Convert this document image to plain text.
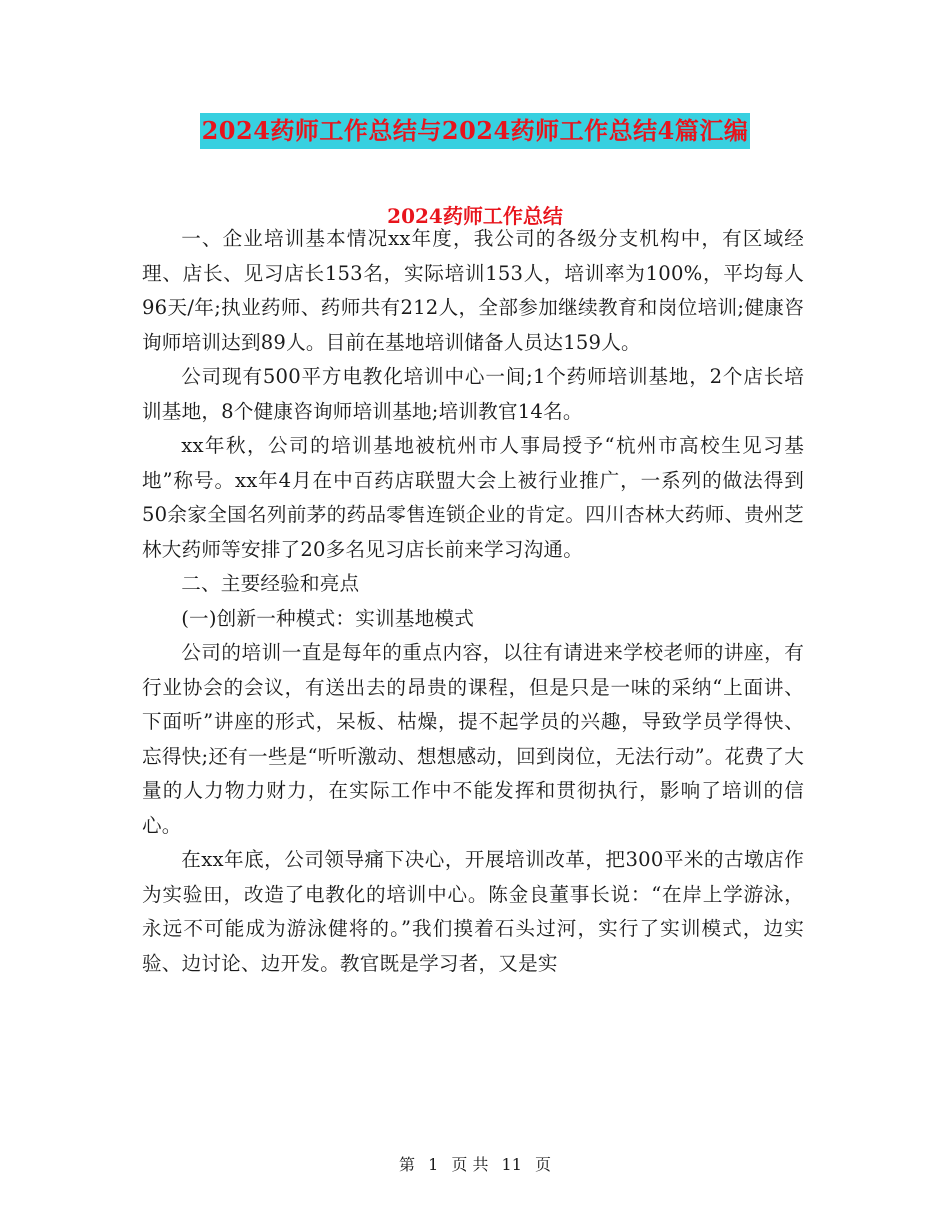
2024药师工作总结与2024药师工作总结4篇汇编
2024药师工作总结

一、企业培训基本情况xx年度，我公司的各级分支机构中，有区域经理、店长、见习店长153名，实际培训153人，培训率为100%，平均每人96天/年;执业药师、药师共有212人，全部参加继续教育和岗位培训;健康咨询师培训达到89人。目前在基地培训储备人员达159人。

公司现有500平方电教化培训中心一间;1个药师培训基地，2个店长培训基地，8个健康咨询师培训基地;培训教官14名。

xx年秋，公司的培训基地被杭州市人事局授予“杭州市高校生见习基地”称号。xx年4月在中百药店联盟大会上被行业推广，一系列的做法得到50余家全国名列前茅的药品零售连锁企业的肯定。四川杏林大药师、贵州芝林大药师等安排了20多名见习店长前来学习沟通。

二、主要经验和亮点

(一)创新一种模式：实训基地模式

公司的培训一直是每年的重点内容，以往有请进来学校老师的讲座，有行业协会的会议，有送出去的昂贵的课程，但是只是一味的采纳“上面讲、下面听”讲座的形式，呆板、枯燥，提不起学员的兴趣，导致学员学得快、忘得快;还有一些是“听听激动、想想感动，回到岗位，无法行动”。花费了大量的人力物力财力，在实际工作中不能发挥和贯彻执行，影响了培训的信心。

在xx年底，公司领导痛下决心，开展培训改革，把300平米的古墩店作为实验田，改造了电教化的培训中心。陈金良董事长说：“在岸上学游泳，永远不可能成为游泳健将的。”我们摸着石头过河，实行了实训模式，边实验、边讨论、边开发。教官既是学习者，又是实

第 1 页 共 11 页
